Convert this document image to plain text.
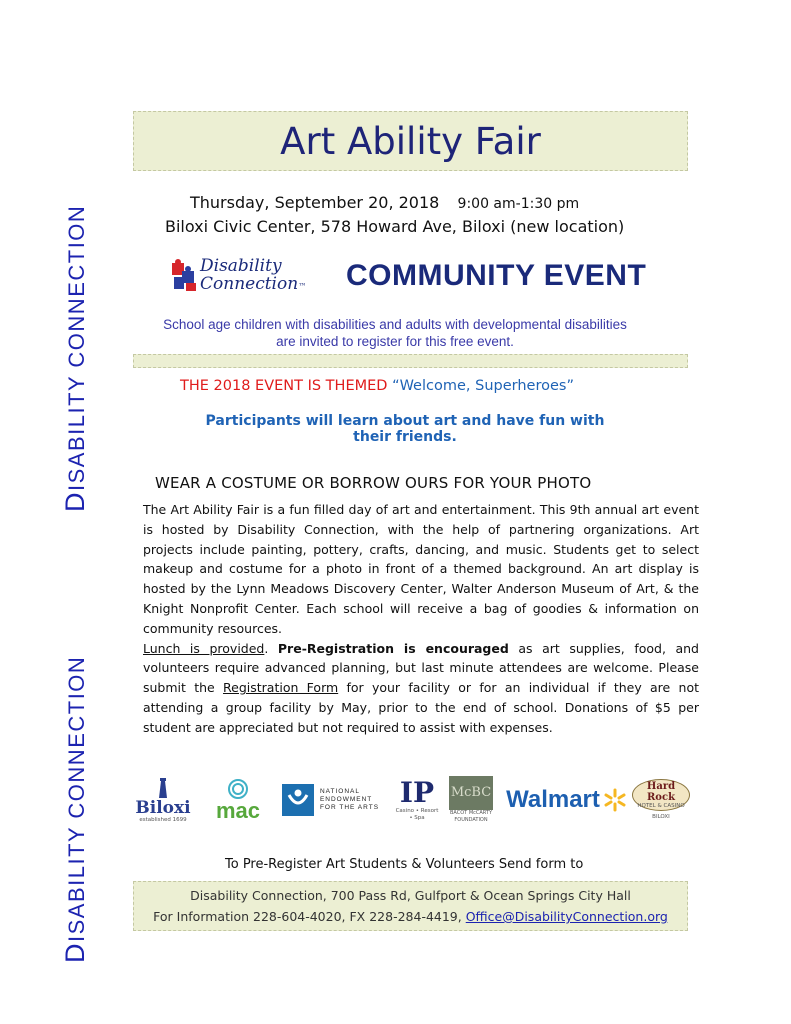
DISABILITY CONNECTION
DISABILITY CONNECTION
Art Ability Fair
Thursday, September 20, 2018 9:00 am-1:30 pm
Biloxi Civic Center, 578 Howard Ave, Biloxi (new location)
Disability
Connection™ COMMUNITY EVENT
School age children with disabilities and adults with developmental disabilities
are invited to register for this free event.
THE 2018 EVENT IS THEMED “Welcome, Superheroes”
Participants will learn about art and have fun with their friends.
WEAR A COSTUME OR BORROW OURS FOR YOUR PHOTO

The Art Ability Fair is a fun filled day of art and entertainment. This 9th annual art event is hosted by Disability Connection, with the help of partnering organizations. Art projects include painting, pottery, crafts, dancing, and music. Students get to select makeup and costume for a photo in front of a themed background. An art display is hosted by the Lynn Meadows Discovery Center, Walter Anderson Museum of Art, & the Knight Nonprofit Center. Each school will receive a bag of goodies & information on community resources.

Lunch is provided. Pre-Registration is encouraged as art supplies, food, and volunteers require advanced planning, but last minute attendees are welcome. Please submit the Registration Form for your facility or for an individual if they are not attending a group facility by May, prior to the end of school. Donations of $5 per student are appreciated but not required to assist with expenses.

Biloxi
established 1699 mac
NATIONAL
ENDOWMENT
FOR THE ARTS IP
Casino • Resort • Spa
McBC
BACOT McCARTY FOUNDATION
Walmart	Hard Rock
HOTEL & CASINO
BILOXI
To Pre-Register Art Students & Volunteers Send form to
Disability Connection, 700 Pass Rd, Gulfport & Ocean Springs City Hall
For Information 228-604-4020, FX 228-284-4419, Office@DisabilityConnection.org
